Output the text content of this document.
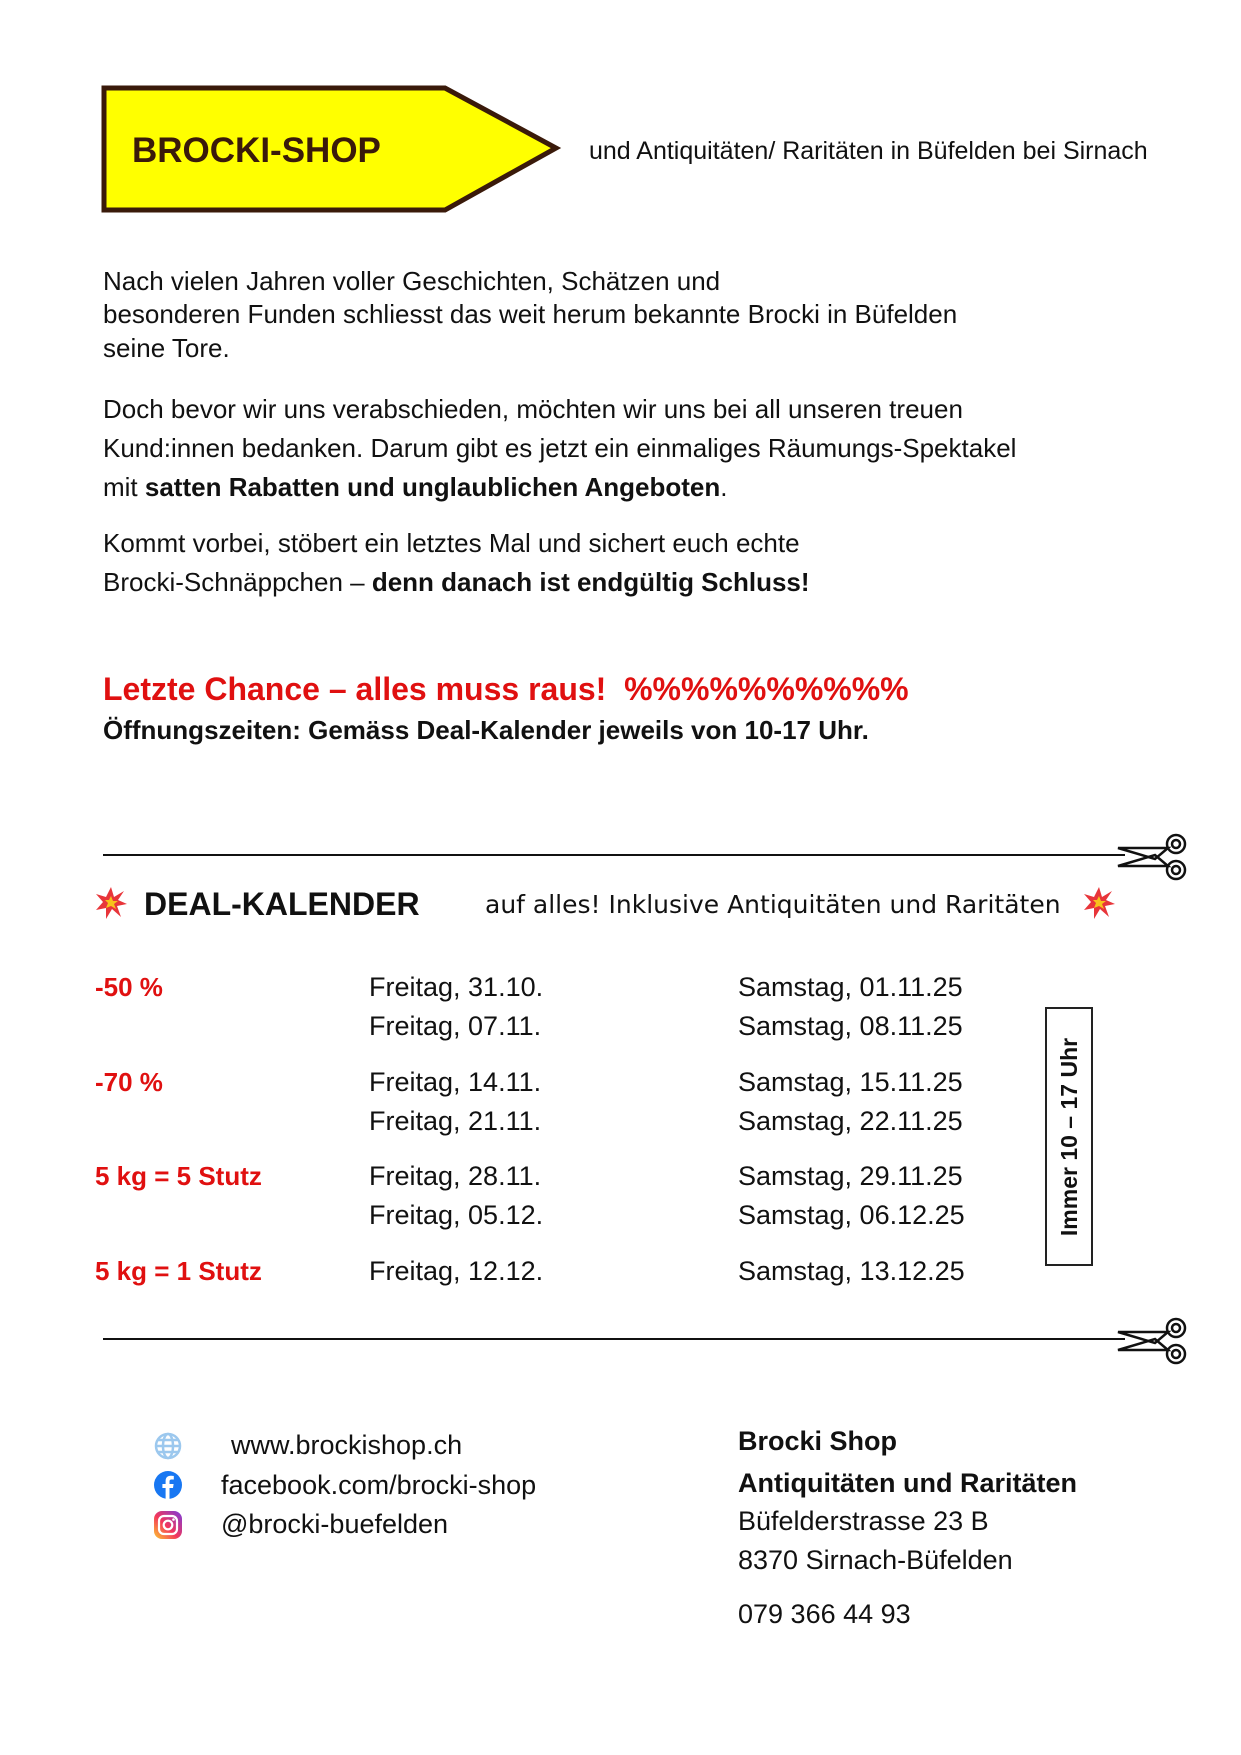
BROCKI-SHOP	und Antiquitäten/ Raritäten in Büfelden bei Sirnach
Nach vielen Jahren voller Geschichten, Schätzen und
besonderen Funden schliesst das weit herum bekannte Brocki in Büfelden
seine Tore.
Doch bevor wir uns verabschieden, möchten wir uns bei all unseren treuen
Kund:innen bedanken. Darum gibt es jetzt ein einmaliges Räumungs-Spektakel
mit satten Rabatten und unglaublichen Angeboten.
Kommt vorbei, stöbert ein letztes Mal und sichert euch echte
Brocki-Schnäppchen – denn danach ist endgültig Schluss!
Letzte Chance – alles muss raus!  %%%%%%%%%%
Öffnungszeiten: Gemäss Deal-Kalender jeweils von 10-17 Uhr.
DEAL-KALENDER	auf alles! Inklusive Antiquitäten und Raritäten
-50 %	Freitag, 31.10.	Samstag, 01.11.25
Freitag, 07.11.	Samstag, 08.11.25
-70 %	Freitag, 14.11.	Samstag, 15.11.25
Freitag, 21.11.	Samstag, 22.11.25
5 kg = 5 Stutz	Freitag, 28.11.	Samstag, 29.11.25
Freitag, 05.12.	Samstag, 06.12.25
5 kg = 1 Stutz	Freitag, 12.12.	Samstag, 13.12.25
Immer 10 – 17 Uhr
www.brockishop.ch
facebook.com/brocki-shop
@brocki-buefelden
Brocki Shop
Antiquitäten und Raritäten
Büfelderstrasse 23 B
8370 Sirnach-Büfelden
079 366 44 93
